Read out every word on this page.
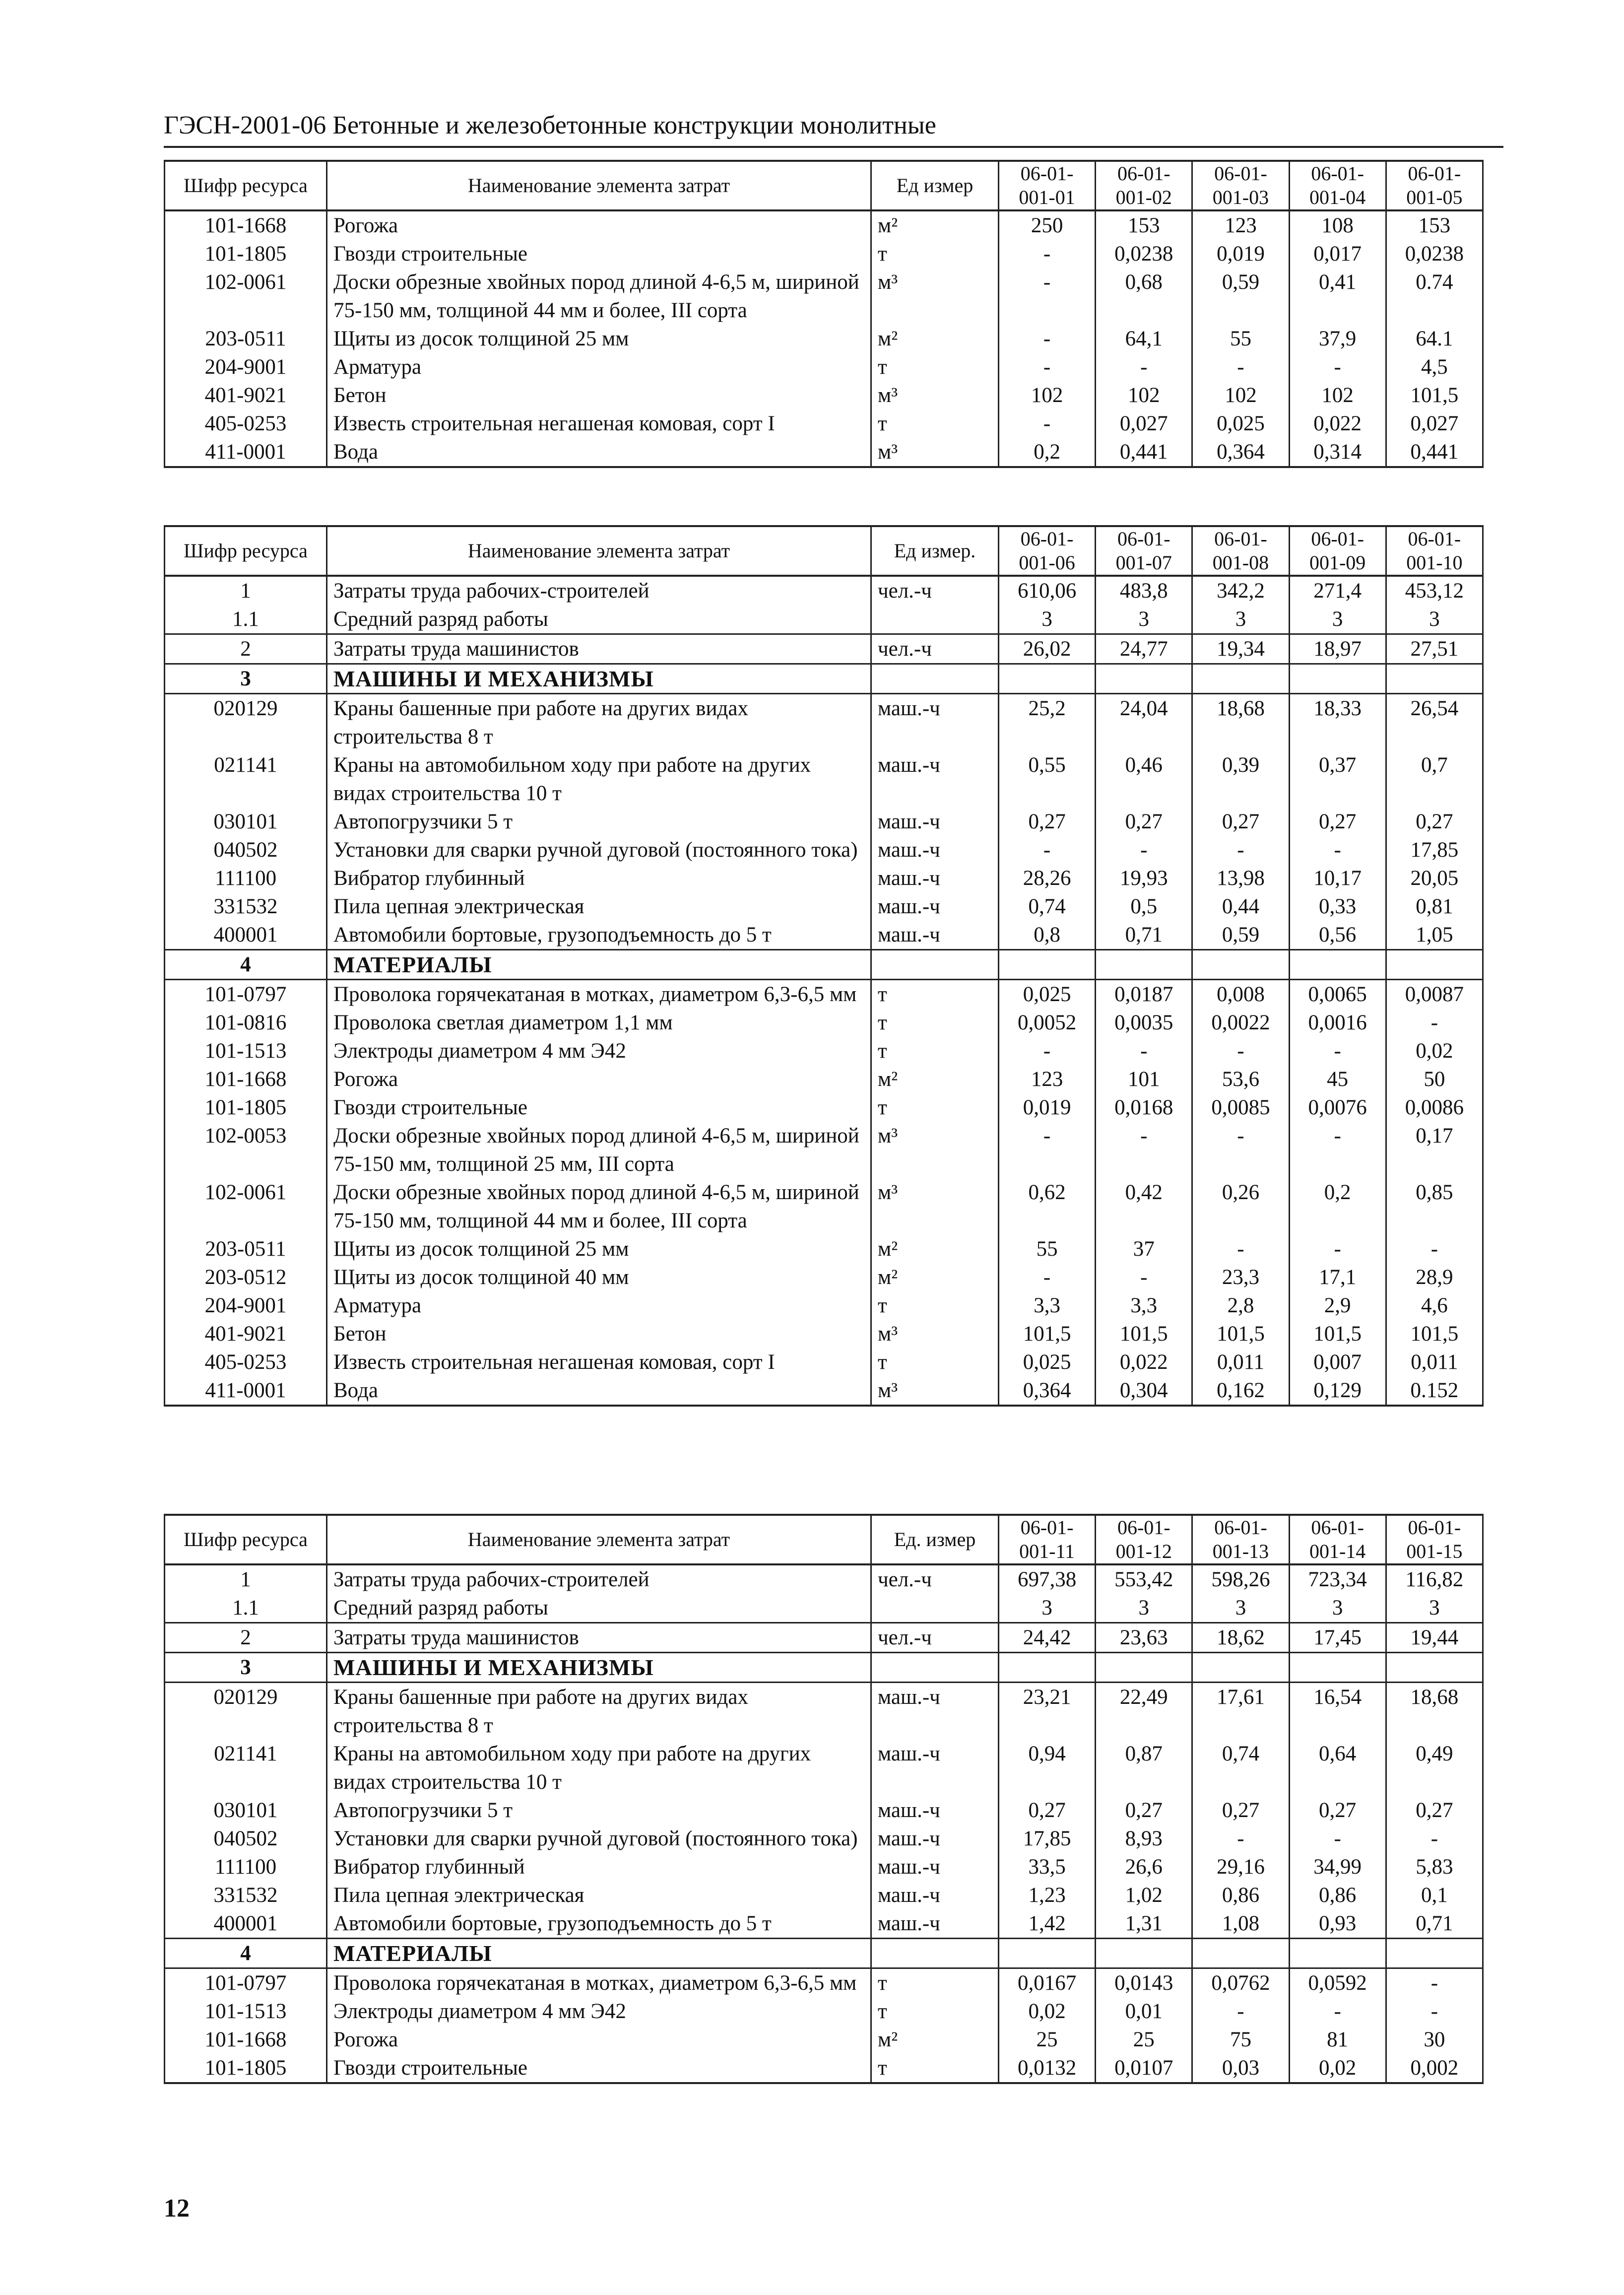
ГЭСН-2001-06 Бетонные и железобетонные конструкции монолитные
Шифр ресурса	Наименование элемента затрат	Ед измер	06-01-001-01	06-01-001-02	06-01-001-03	06-01-001-04	06-01-001-05
101-1668	Рогожа	м²	250	153	123	108	153
101-1805	Гвозди строительные	т	-	0,0238	0,019	0,017	0,0238
102-0061	Доски обрезные хвойных пород длиной 4-6,5 м, шириной 75-150 мм, толщиной 44 мм и более, III сорта	м³	-	0,68	0,59	0,41	0.74
203-0511	Щиты из досок толщиной 25 мм	м²	-	64,1	55	37,9	64.1
204-9001	Арматура	т	-	-	-	-	4,5
401-9021	Бетон	м³	102	102	102	102	101,5
405-0253	Известь строительная негашеная комовая, сорт I	т	-	0,027	0,025	0,022	0,027
411-0001	Вода	м³	0,2	0,441	0,364	0,314	0,441
Шифр ресурса	Наименование элемента затрат	Ед измер.	06-01-001-06	06-01-001-07	06-01-001-08	06-01-001-09	06-01-001-10
1	Затраты труда рабочих-строителей	чел.-ч	610,06	483,8	342,2	271,4	453,12
1.1	Средний разряд работы		3	3	3	3	3
2	Затраты труда машинистов	чел.-ч	26,02	24,77	19,34	18,97	27,51
3	МАШИНЫ И МЕХАНИЗМЫ						
020129	Краны башенные при работе на других видах строительства 8 т	маш.-ч	25,2	24,04	18,68	18,33	26,54
021141	Краны на автомобильном ходу при работе на других видах строительства 10 т	маш.-ч	0,55	0,46	0,39	0,37	0,7
030101	Автопогрузчики 5 т	маш.-ч	0,27	0,27	0,27	0,27	0,27
040502	Установки для сварки ручной дуговой (постоянного тока)	маш.-ч	-	-	-	-	17,85
111100	Вибратор глубинный	маш.-ч	28,26	19,93	13,98	10,17	20,05
331532	Пила цепная электрическая	маш.-ч	0,74	0,5	0,44	0,33	0,81
400001	Автомобили бортовые, грузоподъемность до 5 т	маш.-ч	0,8	0,71	0,59	0,56	1,05
4	МАТЕРИАЛЫ						
101-0797	Проволока горячекатаная в мотках, диаметром 6,3-6,5 мм	т	0,025	0,0187	0,008	0,0065	0,0087
101-0816	Проволока светлая диаметром 1,1 мм	т	0,0052	0,0035	0,0022	0,0016	-
101-1513	Электроды диаметром 4 мм Э42	т	-	-	-	-	0,02
101-1668	Рогожа	м²	123	101	53,6	45	50
101-1805	Гвозди строительные	т	0,019	0,0168	0,0085	0,0076	0,0086
102-0053	Доски обрезные хвойных пород длиной 4-6,5 м, шириной 75-150 мм, толщиной 25 мм, III сорта	м³	-	-	-	-	0,17
102-0061	Доски обрезные хвойных пород длиной 4-6,5 м, шириной 75-150 мм, толщиной 44 мм и более, III сорта	м³	0,62	0,42	0,26	0,2	0,85
203-0511	Щиты из досок толщиной 25 мм	м²	55	37	-	-	-
203-0512	Щиты из досок толщиной 40 мм	м²	-	-	23,3	17,1	28,9
204-9001	Арматура	т	3,3	3,3	2,8	2,9	4,6
401-9021	Бетон	м³	101,5	101,5	101,5	101,5	101,5
405-0253	Известь строительная негашеная комовая, сорт I	т	0,025	0,022	0,011	0,007	0,011
411-0001	Вода	м³	0,364	0,304	0,162	0,129	0.152
Шифр ресурса	Наименование элемента затрат	Ед. измер	06-01-001-11	06-01-001-12	06-01-001-13	06-01-001-14	06-01-001-15
1	Затраты труда рабочих-строителей	чел.-ч	697,38	553,42	598,26	723,34	116,82
1.1	Средний разряд работы		3	3	3	3	3
2	Затраты труда машинистов	чел.-ч	24,42	23,63	18,62	17,45	19,44
3	МАШИНЫ И МЕХАНИЗМЫ						
020129	Краны башенные при работе на других видах строительства 8 т	маш.-ч	23,21	22,49	17,61	16,54	18,68
021141	Краны на автомобильном ходу при работе на других видах строительства 10 т	маш.-ч	0,94	0,87	0,74	0,64	0,49
030101	Автопогрузчики 5 т	маш.-ч	0,27	0,27	0,27	0,27	0,27
040502	Установки для сварки ручной дуговой (постоянного тока)	маш.-ч	17,85	8,93	-	-	-
111100	Вибратор глубинный	маш.-ч	33,5	26,6	29,16	34,99	5,83
331532	Пила цепная электрическая	маш.-ч	1,23	1,02	0,86	0,86	0,1
400001	Автомобили бортовые, грузоподъемность до 5 т	маш.-ч	1,42	1,31	1,08	0,93	0,71
4	МАТЕРИАЛЫ						
101-0797	Проволока горячекатаная в мотках, диаметром 6,3-6,5 мм	т	0,0167	0,0143	0,0762	0,0592	-
101-1513	Электроды диаметром 4 мм Э42	т	0,02	0,01	-	-	-
101-1668	Рогожа	м²	25	25	75	81	30
101-1805	Гвозди строительные	т	0,0132	0,0107	0,03	0,02	0,002
12
